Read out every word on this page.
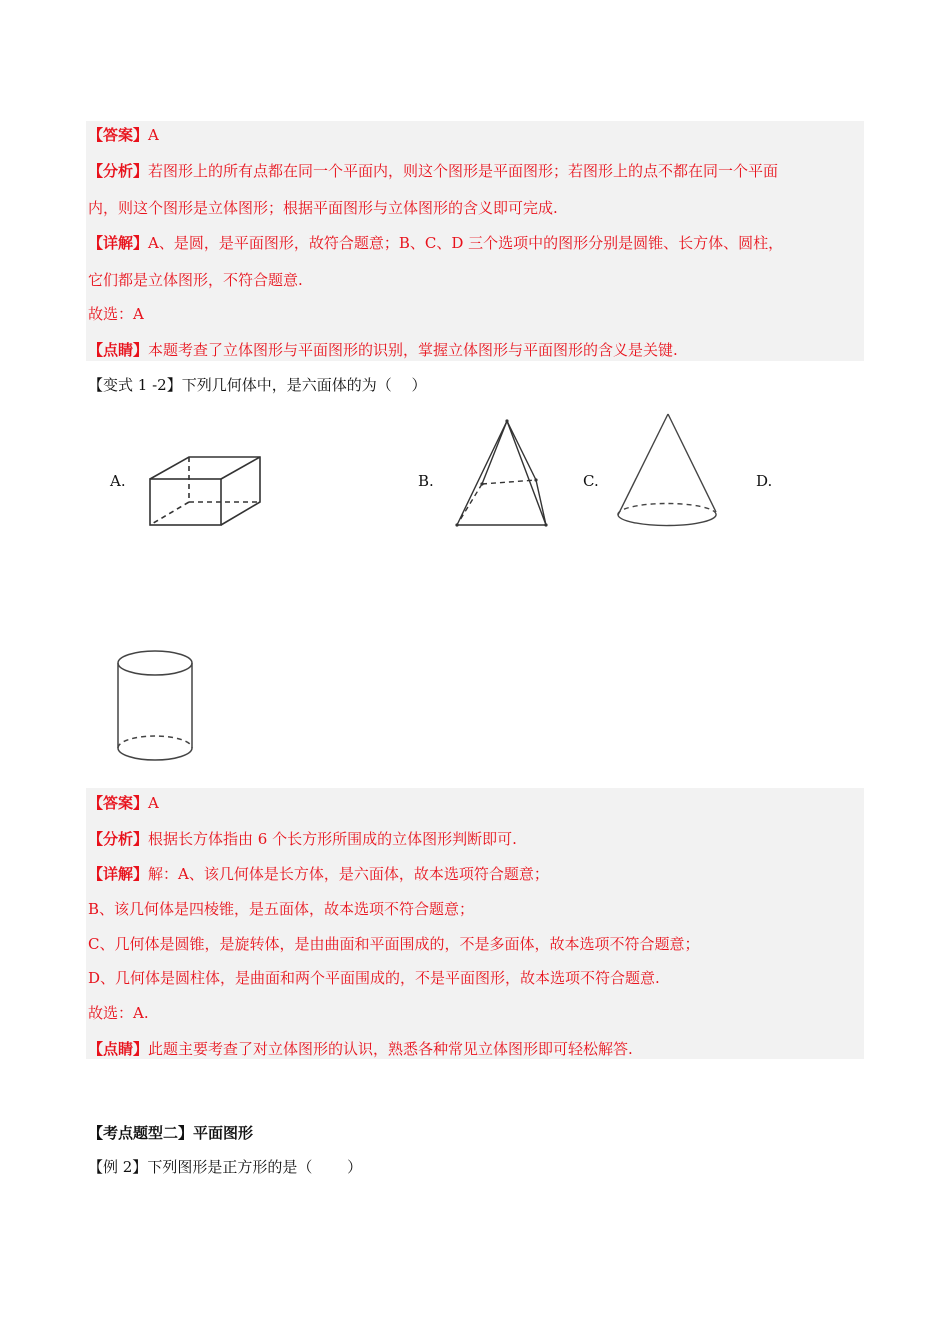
【答案】A
【分析】若图形上的所有点都在同一个平面内，则这个图形是平面图形；若图形上的点不都在同一个平面
内，则这个图形是立体图形；根据平面图形与立体图形的含义即可完成.
【详解】A、是圆，是平面图形，故符合题意；B、C、D 三个选项中的图形分别是圆锥、长方体、圆柱，
它们都是立体图形，不符合题意.
故选：A
【点睛】本题考查了立体图形与平面图形的识别，掌握立体图形与平面图形的含义是关键.
【变式 1 -2】下列几何体中，是六面体的为（　 ）
A.	B.	C.	D.
【答案】A
【分析】根据长方体指由 6 个长方形所围成的立体图形判断即可.
【详解】解：A、该几何体是长方体，是六面体，故本选项符合题意；
B、该几何体是四棱锥，是五面体，故本选项不符合题意；
C、几何体是圆锥，是旋转体，是由曲面和平面围成的，不是多面体，故本选项不符合题意；
D、几何体是圆柱体，是曲面和两个平面围成的，不是平面图形，故本选项不符合题意.
故选：A.
【点睛】此题主要考查了对立体图形的认识，熟悉各种常见立体图形即可轻松解答.
【考点题型二】平面图形
【例 2】下列图形是正方形的是（　　 ）
